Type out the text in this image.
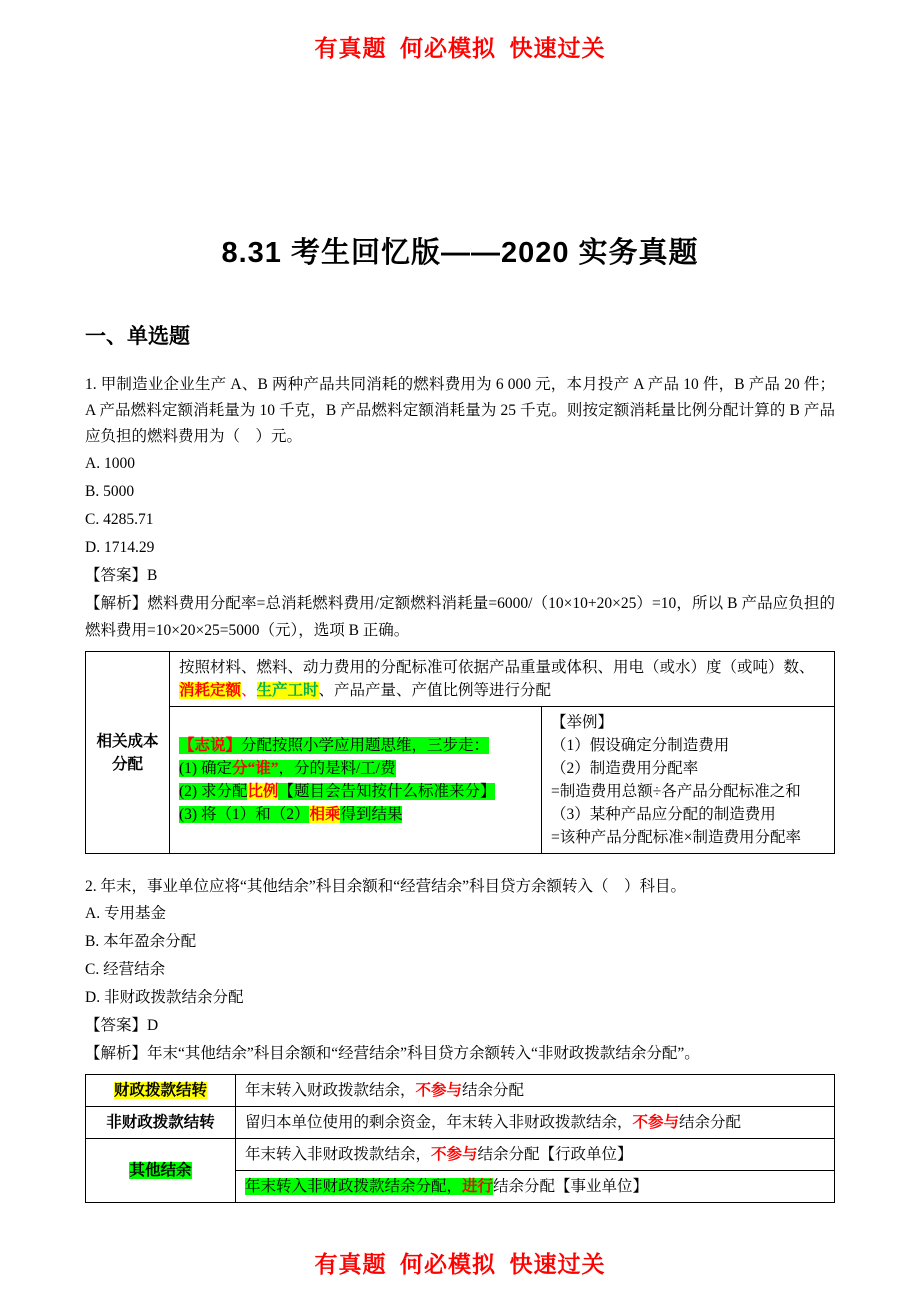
有真题  何必模拟  快速过关
8.31 考生回忆版——2020 实务真题
一、单选题

1. 甲制造业企业生产 A、B 两种产品共同消耗的燃料费用为 6 000 元，本月投产 A 产品 10 件，B 产品 20 件；A 产品燃料定额消耗量为 10 千克，B 产品燃料定额消耗量为 25 千克。则按定额消耗量比例分配计算的 B 产品应负担的燃料费用为（　）元。

A. 1000
B. 5000
C. 4285.71
D. 1714.29
【答案】B

【解析】燃料费用分配率=总消耗燃料费用/定额燃料消耗量=6000/（10×10+20×25）=10，所以 B 产品应负担的燃料费用=10×20×25=5000（元），选项 B 正确。

相关成本分配	按照材料、燃料、动力费用的分配标准可依据产品重量或体积、用电（或水）度（或吨）数、消耗定额、生产工时、产品产量、产值比例等进行分配	

【志说】分配按照小学应用题思维，三步走：
(1) 确定分“谁”，分的是料/工/费
(2) 求分配比例【题目会告知按什么标准来分】
(3) 将（1）和（2）相乘得到结果

【举例】
（1）假设确定分制造费用
（2）制造费用分配率
=制造费用总额÷各产品分配标准之和
（3）某种产品应分配的制造费用
=该种产品分配标准×制造费用分配率

2. 年末，事业单位应将“其他结余”科目余额和“经营结余”科目贷方余额转入（　）科目。

A. 专用基金
B. 本年盈余分配
C. 经营结余
D. 非财政拨款结余分配
【答案】D

【解析】年末“其他结余”科目余额和“经营结余”科目贷方余额转入“非财政拨款结余分配”。

财政拨款结转	年末转入财政拨款结余，不参与结余分配
非财政拨款结转	留归本单位使用的剩余资金，年末转入非财政拨款结余，不参与结余分配
其他结余	年末转入非财政拨款结余，不参与结余分配【行政单位】
	年末转入非财政拨款结余分配，进行结余分配【事业单位】
有真题  何必模拟  快速过关
